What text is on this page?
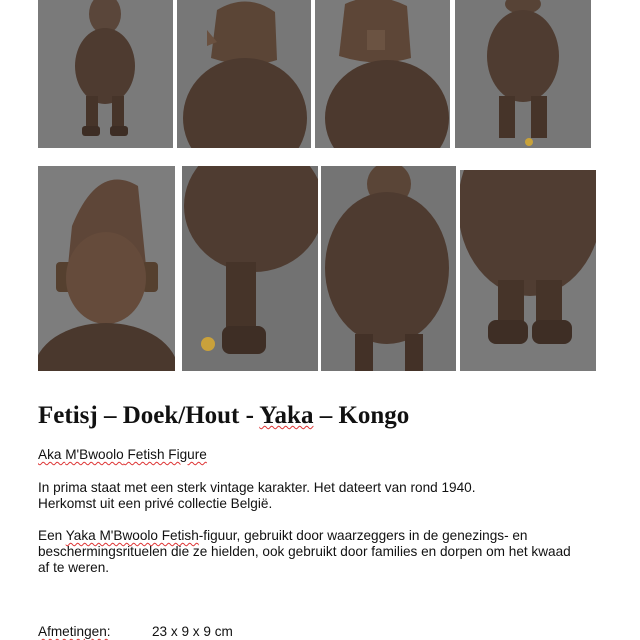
Fetisj – Doek/Hout - Yaka – Kongo

Aka M'Bwoolo Fetish Figure

In prima staat met een sterk vintage karakter. Het dateert van rond 1940.

Herkomst uit een privé collectie België.

Een Yaka M'Bwoolo Fetish-figuur, gebruikt door waarzeggers in de genezings- en

beschermingsrituelen die ze hielden, ook gebruikt door families en dorpen om het kwaad

af te weren.

Afmetingen:	23 x 9 x 9 cm
